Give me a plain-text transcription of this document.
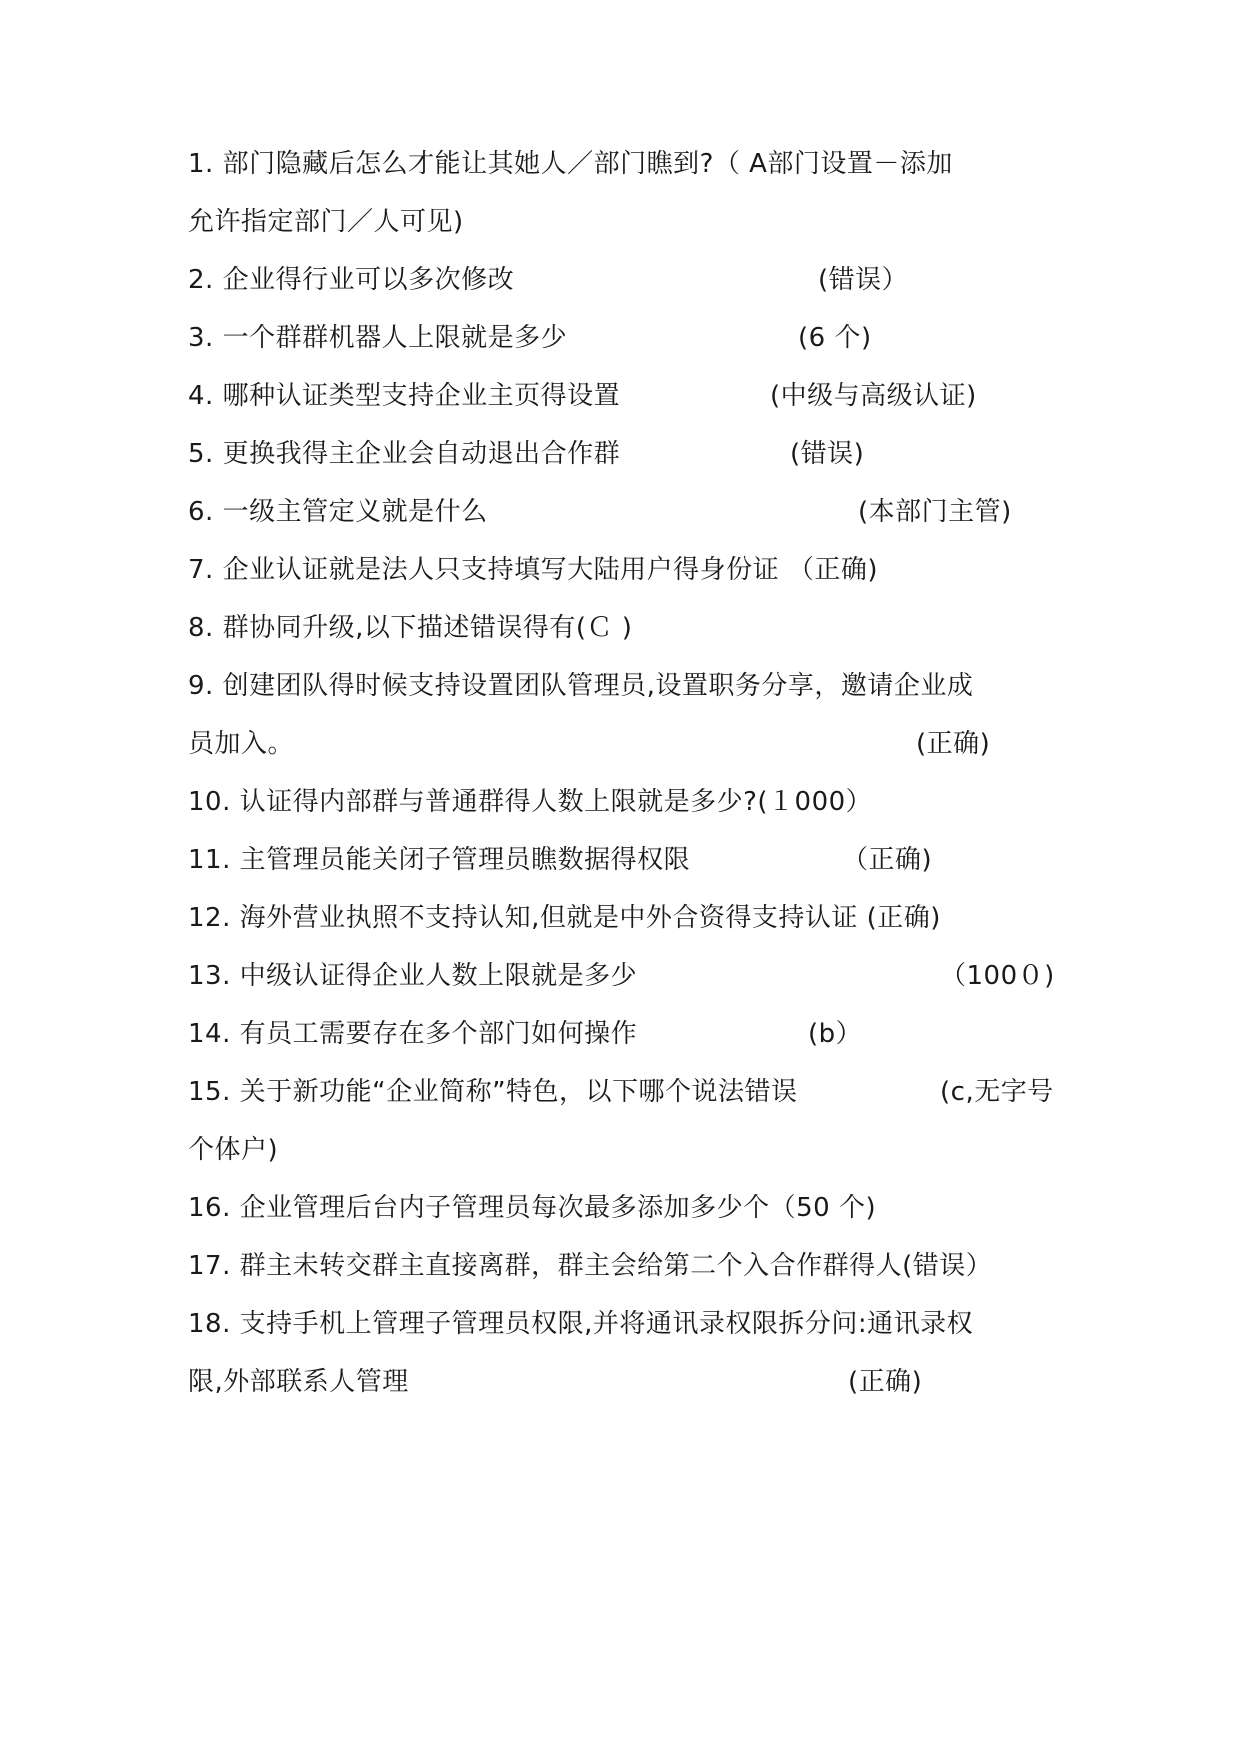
1. 部门隐藏后怎么才能让其她人／部门瞧到?（ A部门设置－添加
允许指定部门／人可见)
2. 企业得行业可以多次修改	(错误）
3. 一个群群机器人上限就是多少	(6 个)
4. 哪种认证类型支持企业主页得设置	(中级与高级认证)
5. 更换我得主企业会自动退出合作群	(错误)
6. 一级主管定义就是什么	(本部门主管)
7. 企业认证就是法人只支持填写大陆用户得身份证 （正确)
8. 群协同升级,以下描述错误得有(Ｃ )
9. 创建团队得时候支持设置团队管理员,设置职务分享，邀请企业成
员加入。	(正确)
10. 认证得内部群与普通群得人数上限就是多少?(１000）
11. 主管理员能关闭子管理员瞧数据得权限	（正确)
12. 海外营业执照不支持认知,但就是中外合资得支持认证 (正确)
13. 中级认证得企业人数上限就是多少	（100０)
14. 有员工需要存在多个部门如何操作	(b）
15. 关于新功能“企业简称”特色，以下哪个说法错误	(c,无字号
个体户)
16. 企业管理后台内子管理员每次最多添加多少个（50 个)
17. 群主未转交群主直接离群，群主会给第二个入合作群得人(错误）
18. 支持手机上管理子管理员权限,并将通讯录权限拆分问:通讯录权
限,外部联系人管理	(正确)
